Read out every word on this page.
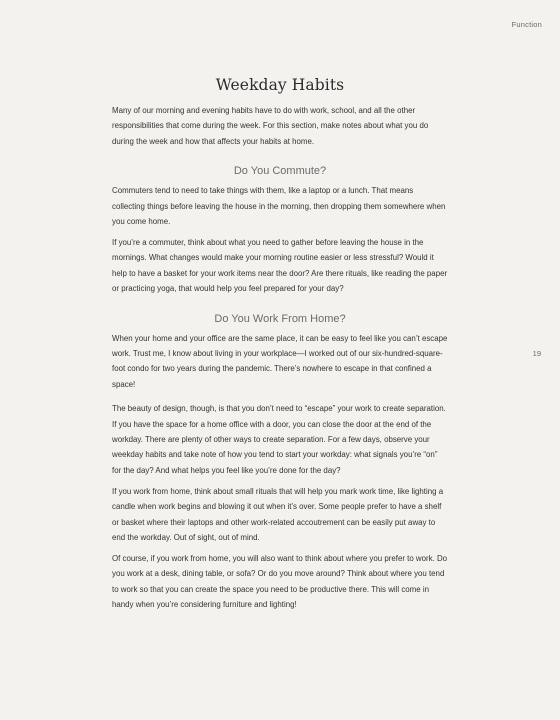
Function
19
Weekday Habits

Many of our morning and evening habits have to do with work, school, and all the other responsibilities that come during the week. For this section, make notes about what you do during the week and how that affects your habits at home.

Do You Commute?

Commuters tend to need to take things with them, like a laptop or a lunch. That means collecting things before leaving the house in the morning, then dropping them somewhere when you come home.

If you’re a commuter, think about what you need to gather before leaving the house in the mornings. What changes would make your morning routine easier or less stressful? Would it help to have a basket for your work items near the door? Are there rituals, like reading the paper or practicing yoga, that would help you feel prepared for your day?

Do You Work From Home?

When your home and your office are the same place, it can be easy to feel like you can’t escape work. Trust me, I know about living in your workplace—I worked out of our six-hundred-square-foot condo for two years during the pandemic. There’s nowhere to escape in that confined a space!

The beauty of design, though, is that you don’t need to “escape” your work to create separation. If you have the space for a home office with a door, you can close the door at the end of the workday. There are plenty of other ways to create separation. For a few days, observe your weekday habits and take note of how you tend to start your workday: what signals you’re “on” for the day? And what helps you feel like you’re done for the day?

If you work from home, think about small rituals that will help you mark work time, like lighting a candle when work begins and blowing it out when it’s over. Some people prefer to have a shelf or basket where their laptops and other work-related accoutrement can be easily put away to end the workday. Out of sight, out of mind.

Of course, if you work from home, you will also want to think about where you prefer to work. Do you work at a desk, dining table, or sofa? Or do you move around? Think about where you tend to work so that you can create the space you need to be productive there. This will come in handy when you’re considering furniture and lighting!
